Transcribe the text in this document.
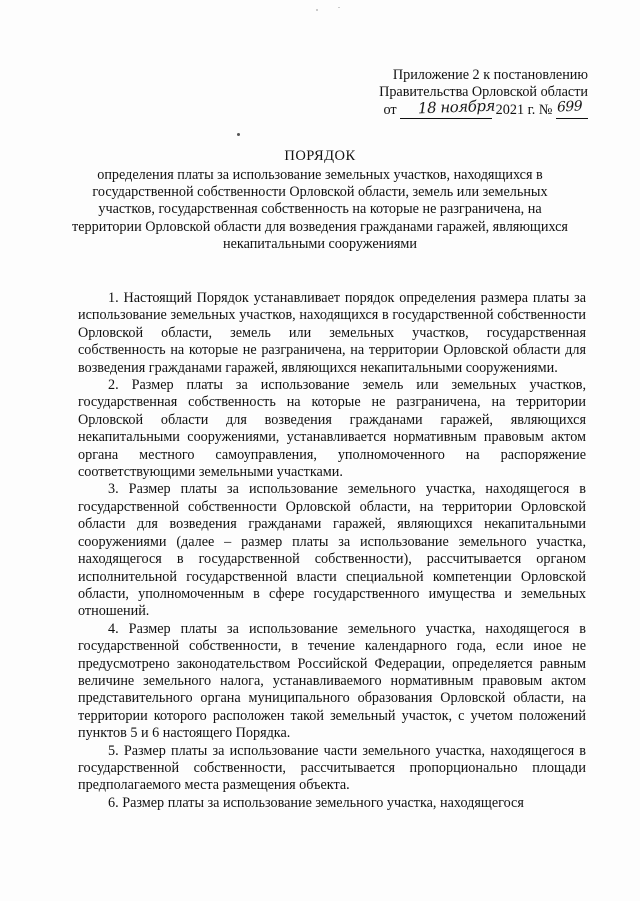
Приложение 2 к постановлению
Правительства Орловской области
от 18 ноября 2021 г. № 699
ПОРЯДОК
определения платы за использование земельных участков, находящихся в государственной собственности Орловской области, земель или земельных участков, государственная собственность на которые не разграничена, на территории Орловской области для возведения гражданами гаражей, являющихся некапитальными сооружениями

1. Настоящий Порядок устанавливает порядок определения размера платы за использование земельных участков, находящихся в государственной собственности Орловской области, земель или земельных участков, государственная собственность на которые не разграничена, на территории Орловской области для возведения гражданами гаражей, являющихся некапитальными сооружениями.

2. Размер платы за использование земель или земельных участков, государственная собственность на которые не разграничена, на территории Орловской области для возведения гражданами гаражей, являющихся некапитальными сооружениями, устанавливается нормативным правовым актом органа местного самоуправления, уполномоченного на распоряжение соответствующими земельными участками.

3. Размер платы за использование земельного участка, находящегося в государственной собственности Орловской области, на территории Орловской области для возведения гражданами гаражей, являющихся некапитальными сооружениями (далее – размер платы за использование земельного участка, находящегося в государственной собственности), рассчитывается органом исполнительной государственной власти специальной компетенции Орловской области, уполномоченным в сфере государственного имущества и земельных отношений.

4. Размер платы за использование земельного участка, находящегося в государственной собственности, в течение календарного года, если иное не предусмотрено законодательством Российской Федерации, определяется равным величине земельного налога, устанавливаемого нормативным правовым актом представительного органа муниципального образования Орловской области, на территории которого расположен такой земельный участок, с учетом положений пунктов 5 и 6 настоящего Порядка.

5. Размер платы за использование части земельного участка, находящегося в государственной собственности, рассчитывается пропорционально площади предполагаемого места размещения объекта.

6. Размер платы за использование земельного участка, находящегося
